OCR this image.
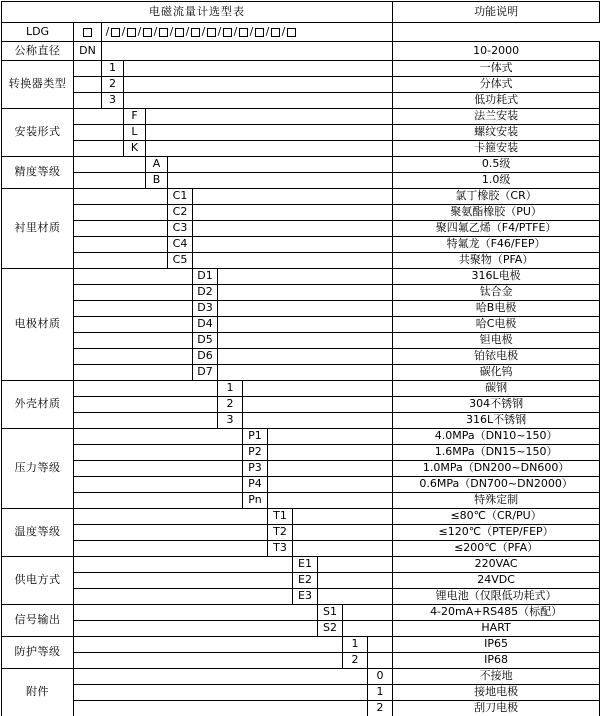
电磁流量计选型表														功能说明
LDG		/ / / / / / / / / / / /

公称直径	DN													10-2000
转换器类型		1												一体式
		2												分体式
		3												低功耗式
安装形式			F											法兰安装
			L											螺纹安装
			K											卡箍安装
精度等级				A										0.5级
				B										1.0级
衬里材质					C1									氯丁橡胶（CR）
					C2									聚氨酯橡胶（PU）
					C3									聚四氟乙烯（F4/PTFE）
					C4									特氟龙（F46/FEP）
					C5									共聚物（PFA）
电极材质						D1								316L电极
						D2								钛合金
						D3								哈B电极
						D4								哈C电极
						D5								钽电极
						D6								铂铱电极
						D7								碳化钨
外壳材质							1							碳钢
							2							304不锈钢
							3							316L不锈钢
压力等级								P1						4.0MPa（DN10~150）
								P2						1.6MPa（DN15~150）
								P3						1.0MPa（DN200~DN600）
								P4						0.6MPa（DN700~DN2000）
								Pn						特殊定制
温度等级									T1					≤80℃（CR/PU）
									T2					≤120℃（PTEP/FEP）
									T3					≤200℃（PFA）
供电方式										E1				220VAC
										E2				24VDC
										E3				锂电池（仅限低功耗式）
信号输出											S1			4-20mA+RS485（标配）
											S2			HART
防护等级												1		IP65
												2		IP68
附件													0	不接地
													1	接地电极
													2	刮刀电极
